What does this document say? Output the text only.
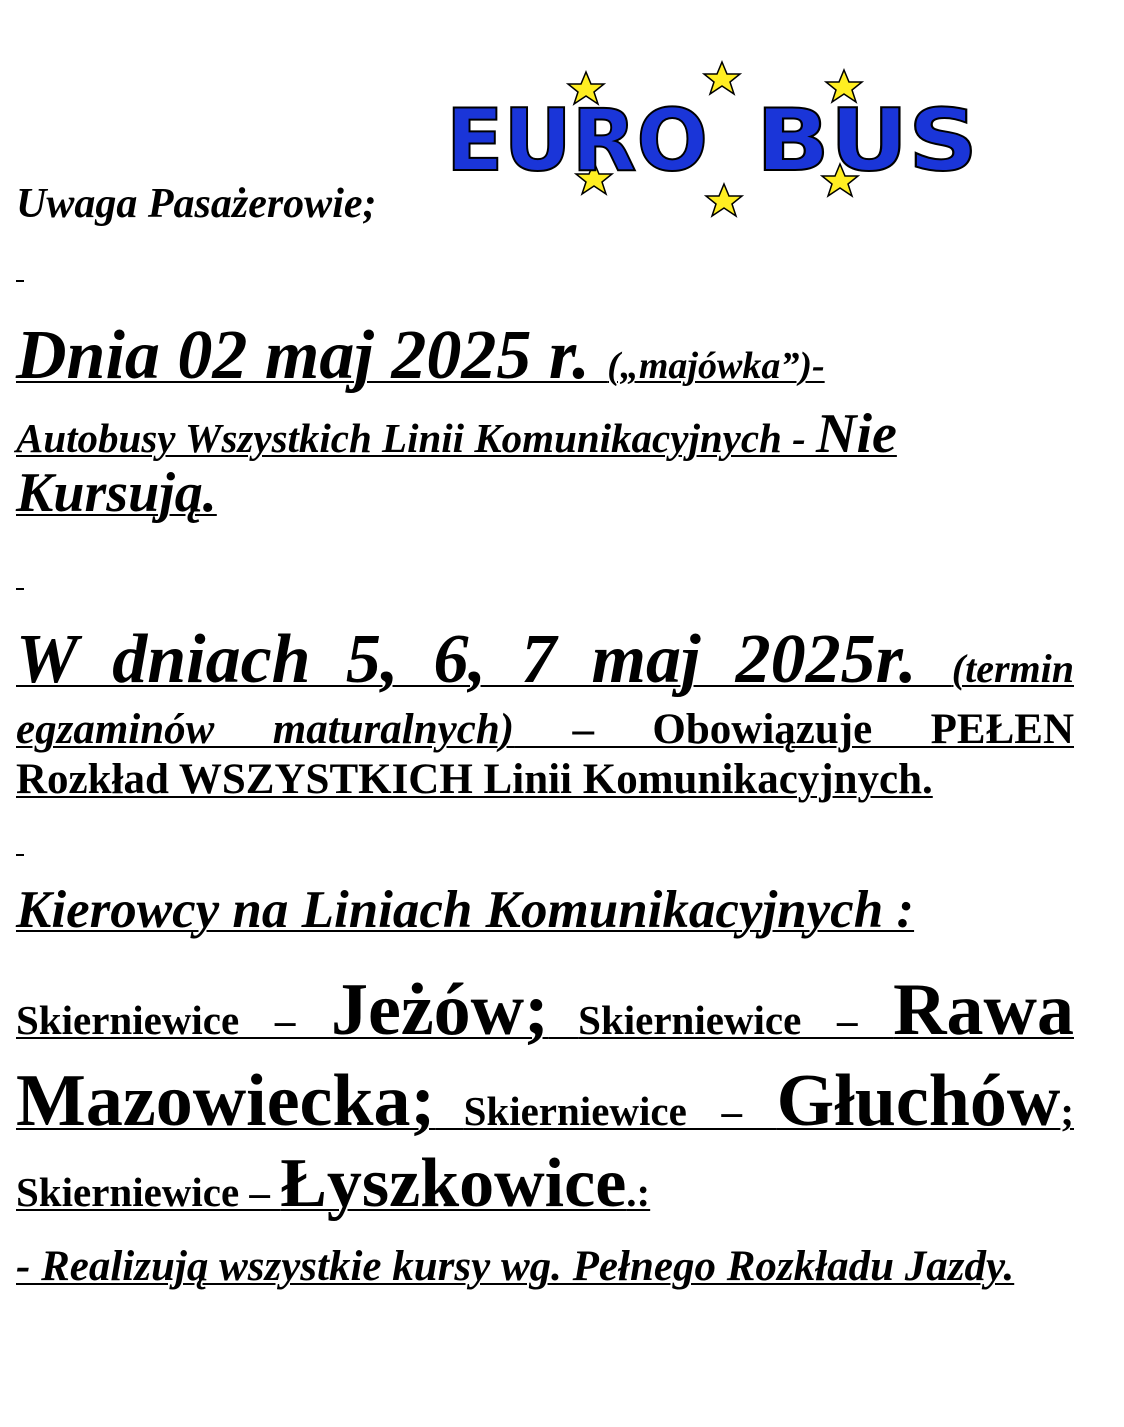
EURO BUS
Uwaga Pasażerowie;
Dnia 02 maj 2025 r. („majówka”)-
Autobusy Wszystkich Linii Komunikacyjnych - Nie
Kursują.
W dniach 5, 6, 7 maj 2025r. (termin
egzaminów maturalnych) – Obowiązuje PEŁEN
Rozkład WSZYSTKICH Linii Komunikacyjnych.
Kierowcy na Liniach Komunikacyjnych :
Skierniewice – Jeżów; Skierniewice – Rawa
Mazowiecka; Skierniewice – Głuchów;
Skierniewice – Łyszkowice.:
- Realizują wszystkie kursy wg. Pełnego Rozkładu Jazdy.
